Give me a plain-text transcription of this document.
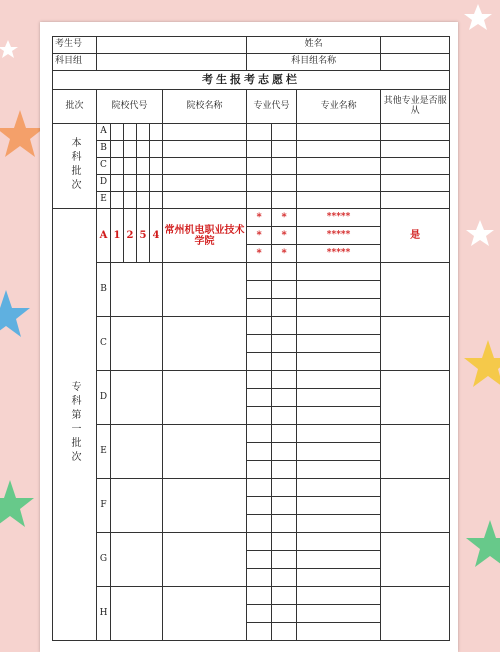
考生号							姓名			
科目组							科目组名称			
考生报考志愿栏										
批次	院校代号					院校名称	专业代号		专业名称	其他专业是否服从
本科批次	A									
	B									
	C									
	D									
	E									
专科第一批次	A	1	2	5	4	常州机电职业技术学院	*	*	*****	是
							*	*	*****	
							*	*	*****	
	B									

	C									

	D									

	E									

	F									

	G									

	H									
